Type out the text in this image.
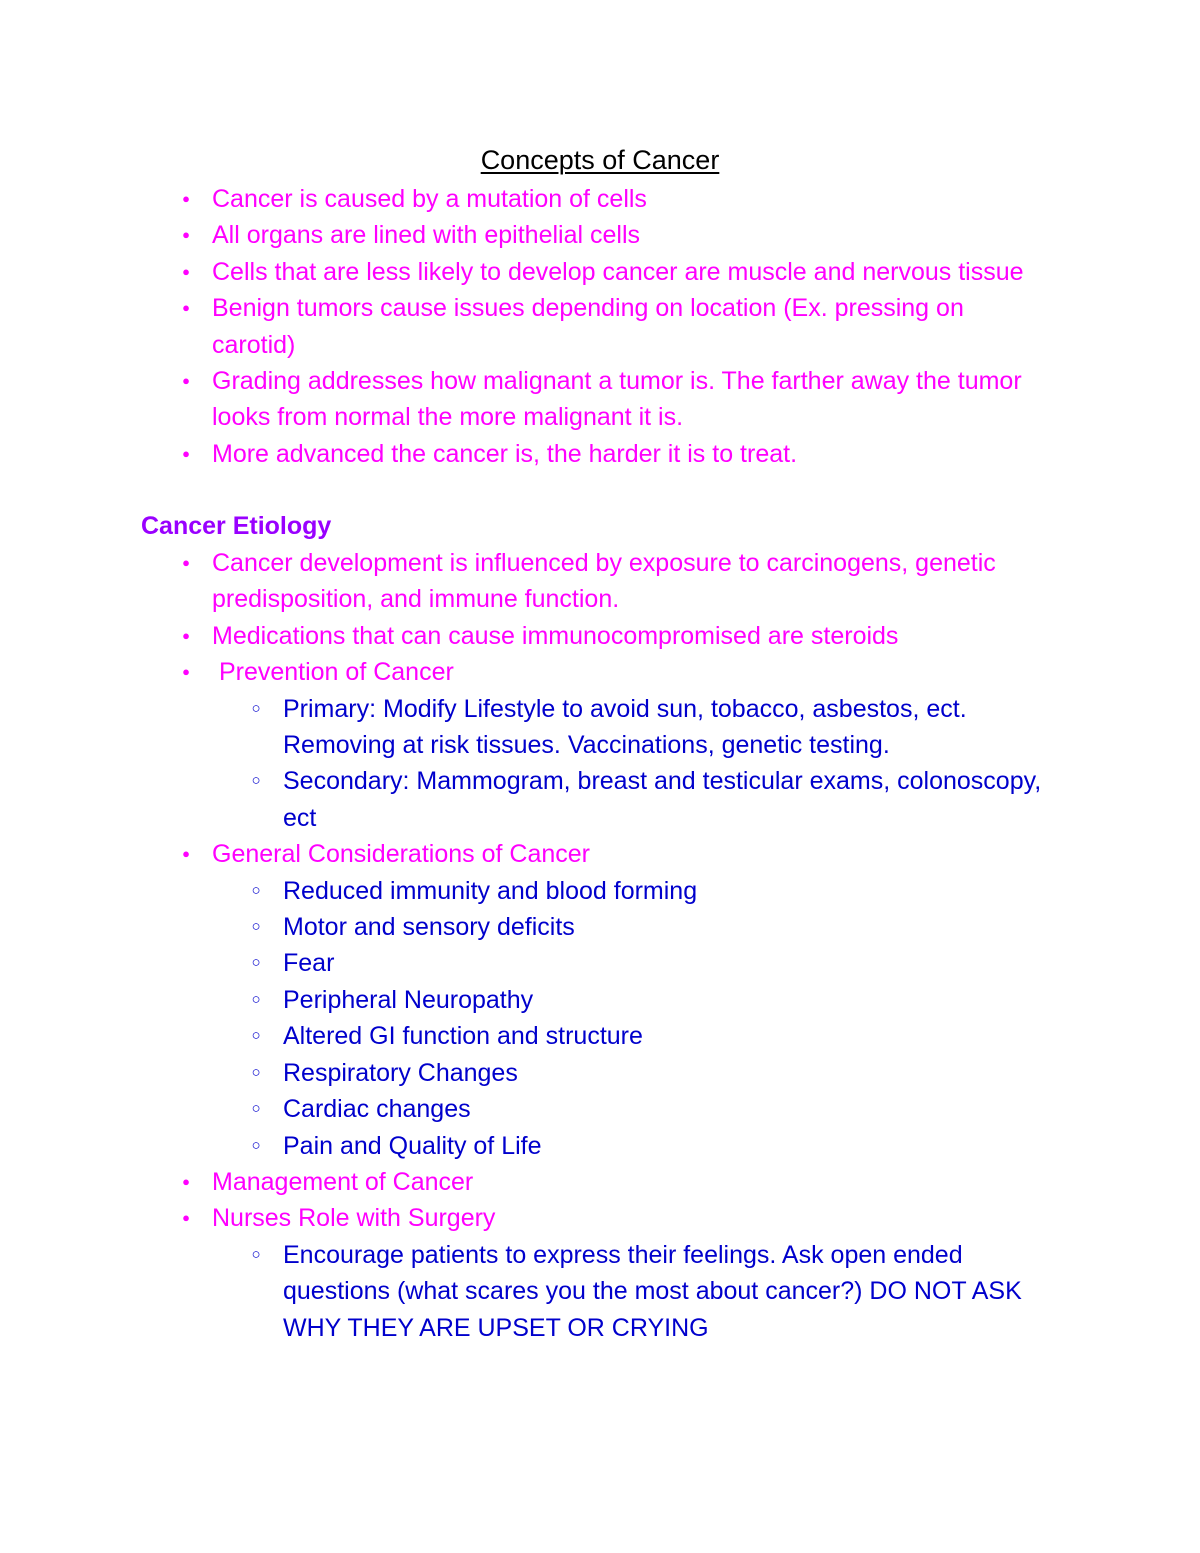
Concepts of Cancer
● Cancer is caused by a mutation of cells
● All organs are lined with epithelial cells
● Cells that are less likely to develop cancer are muscle and nervous tissue
● Benign tumors cause issues depending on location (Ex. pressing on carotid)
● Grading addresses how malignant a tumor is. The farther away the tumor looks from normal the more malignant it is.
● More advanced the cancer is, the harder it is to treat.
Cancer Etiology
● Cancer development is influenced by exposure to carcinogens, genetic predisposition, and immune function.
● Medications that can cause immunocompromised are steroids
● Prevention of Cancer
○ Primary: Modify Lifestyle to avoid sun, tobacco, asbestos, ect. Removing at risk tissues. Vaccinations, genetic testing.
○ Secondary: Mammogram, breast and testicular exams, colonoscopy, ect
● General Considerations of Cancer
○ Reduced immunity and blood forming
○ Motor and sensory deficits
○ Fear
○ Peripheral Neuropathy
○ Altered GI function and structure
○ Respiratory Changes
○ Cardiac changes
○ Pain and Quality of Life
● Management of Cancer
● Nurses Role with Surgery
○ Encourage patients to express their feelings. Ask open ended questions (what scares you the most about cancer?) DO NOT ASK WHY THEY ARE UPSET OR CRYING
